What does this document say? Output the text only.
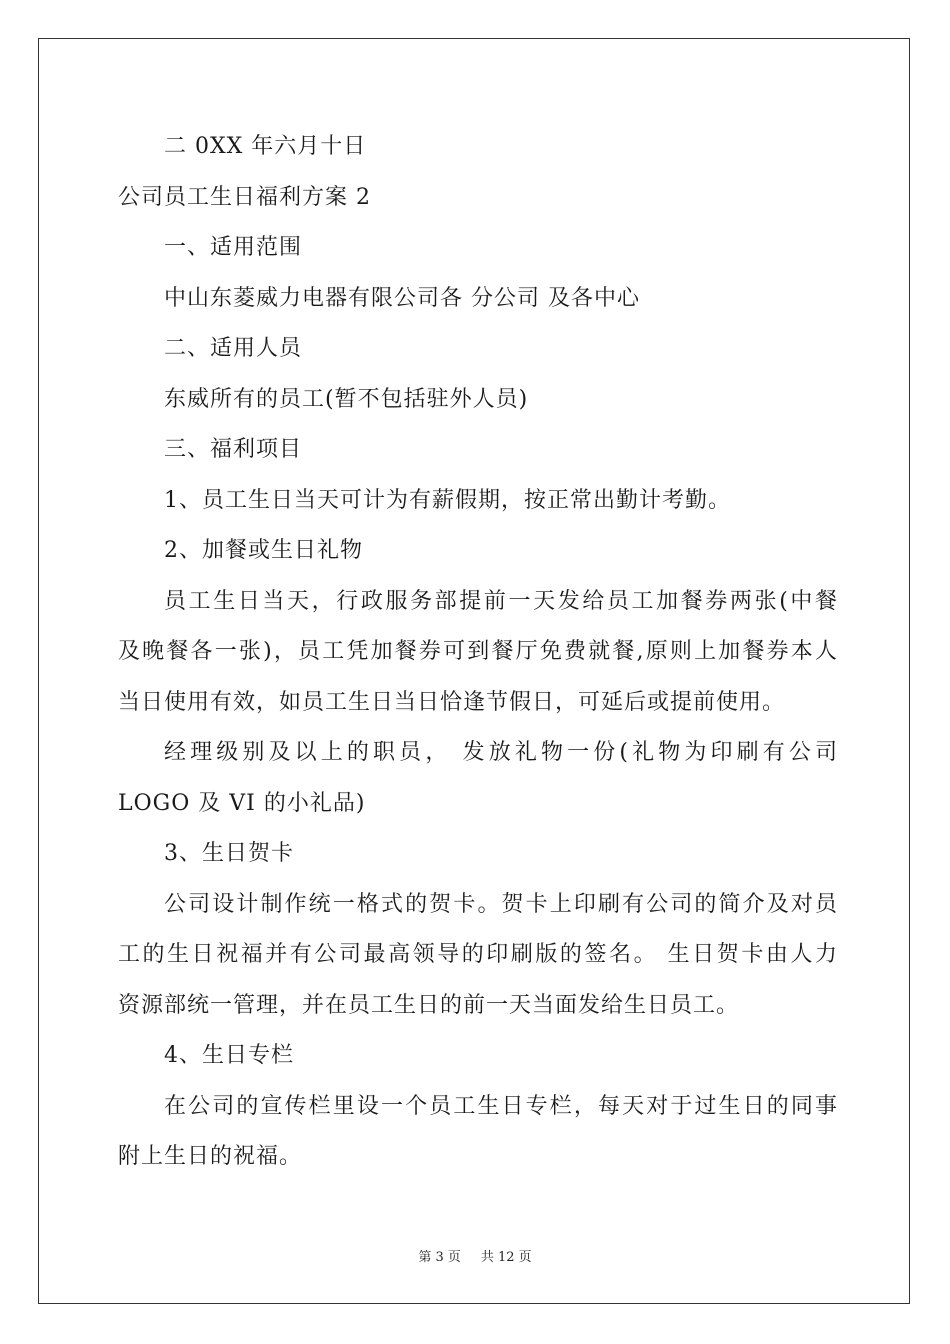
二 0XX 年六月十日
公司员工生日福利方案 2
一、适用范围
中山东菱威力电器有限公司各 分公司 及各中心
二、适用人员
东威所有的员工(暂不包括驻外人员)
三、福利项目
1、员工生日当天可计为有薪假期，按正常出勤计考勤。
2、加餐或生日礼物
员工生日当天，行政服务部提前一天发给员工加餐券两张(中餐
及晚餐各一张)，员工凭加餐券可到餐厅免费就餐,原则上加餐券本人
当日使用有效，如员工生日当日恰逢节假日，可延后或提前使用。
经理级别及以上的职员， 发放礼物一份(礼物为印刷有公司
LOGO 及 VI 的小礼品)
3、生日贺卡
公司设计制作统一格式的贺卡。贺卡上印刷有公司的简介及对员
工的生日祝福并有公司最高领导的印刷版的签名。 生日贺卡由人力
资源部统一管理，并在员工生日的前一天当面发给生日员工。
4、生日专栏
在公司的宣传栏里设一个员工生日专栏，每天对于过生日的同事
附上生日的祝福。
第 3 页 共 12 页
